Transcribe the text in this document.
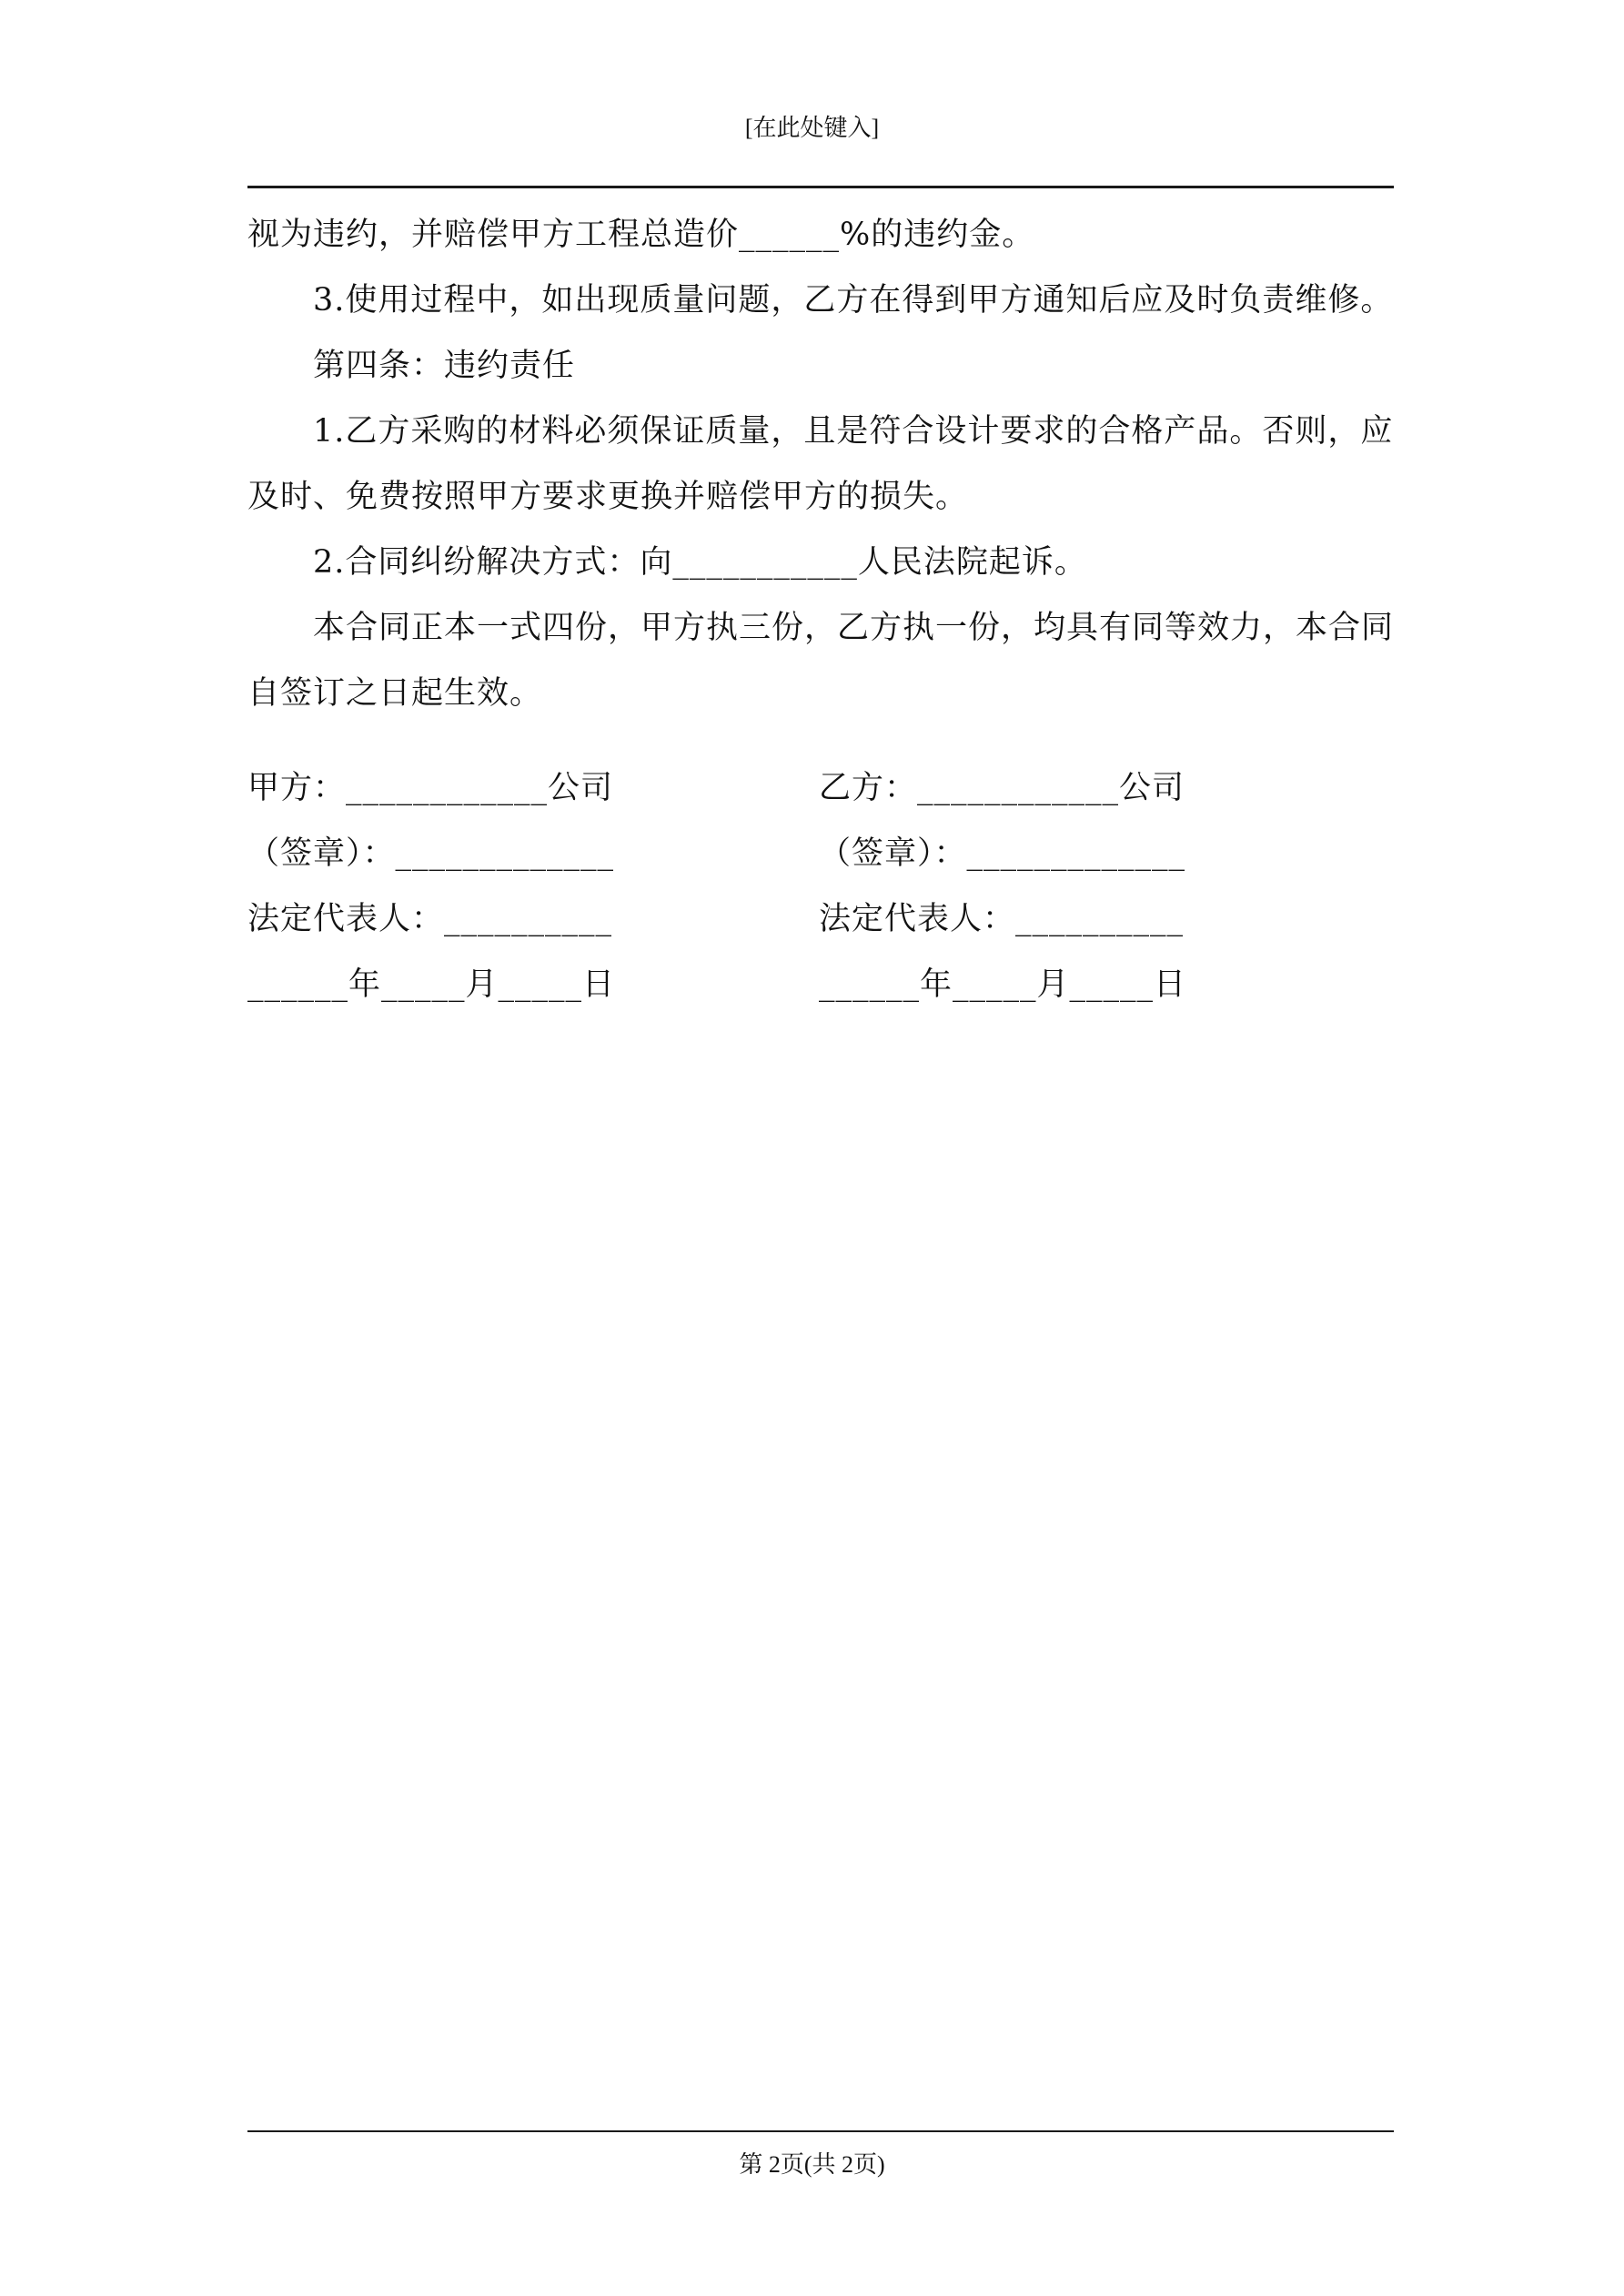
[在此处键入]

视为违约，并赔偿甲方工程总造价______%的违约金。

3.使用过程中，如出现质量问题，乙方在得到甲方通知后应及时负责维修。

第四条：违约责任

1.乙方采购的材料必须保证质量，且是符合设计要求的合格产品。否则，应

及时、免费按照甲方要求更换并赔偿甲方的损失。

2.合同纠纷解决方式：向___________人民法院起诉。

本合同正本一式四份，甲方执三份，乙方执一份，均具有同等效力，本合同

自签订之日起生效。

甲方：____________公司

（签章）：_____________

法定代表人：__________

______年_____月_____日

乙方：____________公司

（签章）：_____________

法定代表人：__________

______年_____月_____日

第 2页(共 2页)
